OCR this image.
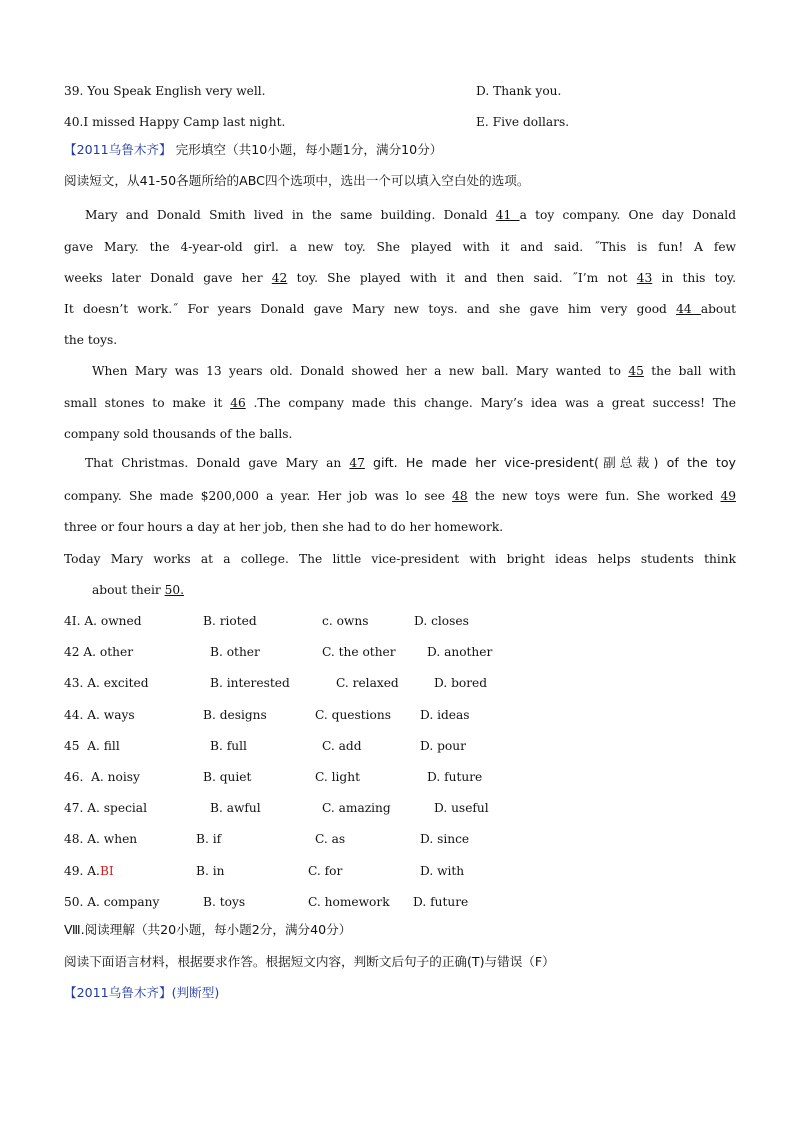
39. You Speak English very well.	D. Thank you.
40.I missed Happy Camp last night.	E. Five dollars.
【2011乌鲁木齐】 完形填空（共10小题，每小题1分，满分10分）
阅读短文，从41-50各题所给的ABC四个选项中，选出一个可以填入空白处的选项。
Mary and Donald Smith lived in the same building. Donald 41 a toy company. One day Donald
gave Mary. the 4-year-old girl. a new toy. She played with it and said. ˝This is fun! A few
weeks later Donald gave her 42 toy. She played with it and then said. ˝I’m not 43 in this toy.
It doesn’t work.˝ For years Donald gave Mary new toys. and she gave him very good 44 about
the toys.
When Mary was 13 years old. Donald showed her a new ball. Mary wanted to 45 the ball with
small stones to make it 46 .The company made this change. Mary’s idea was a great success! The
company sold thousands of the balls.
That Christmas. Donald gave Mary an 47 gift. He made her vice-president(副总裁) of the toy
company. She made $200,000 a year. Her job was lo see 48 the new toys were fun. She worked 49
three or four hours a day at her job, then she had to do her homework.
Today Mary works at a college. The little vice-president with bright ideas helps students think
about their 50.
4I. A. owned	B. rioted	c. owns	D. closes
42 A. other	B. other	C. the other	D. another
43. A. excited	B. interested	C. relaxed	D. bored
44. A. ways	B. designs	C. questions D. ideas
45  A. fill	B. full	C. add	D. pour
46.  A. noisy	B. quiet	C. light	D. future
47. A. special	B. awful	C. amazing	D. useful
48. A. when	B. if	C. as	D. since
49. A.BI	B. in	C. for	D. with
50. A. company	B. toys	C. homework D. future
Ⅷ.阅读理解（共20小题，每小题2分，满分40分）
阅读下面语言材料，根据要求作答。根据短文内容，判断文后句子的正确(T)与错误（F）
【2011乌鲁木齐】(判断型)
